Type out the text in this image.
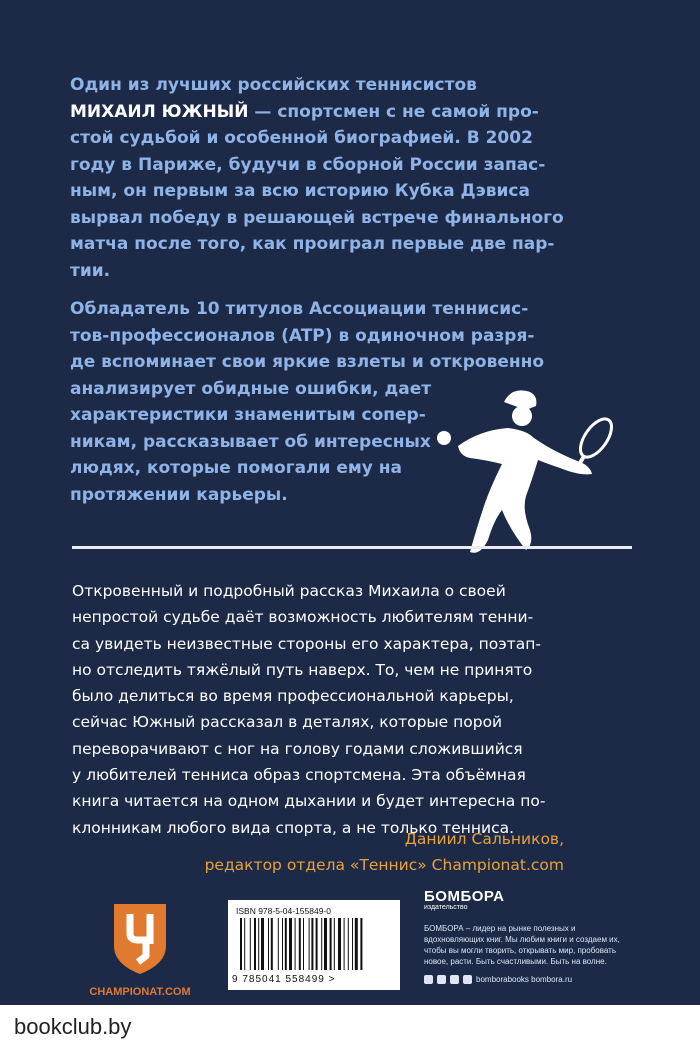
Один из лучших российских теннисистов
МИХАИЛ ЮЖНЫЙ — спортсмен с не самой про-
стой судьбой и особенной биографией. В 2002
году в Париже, будучи в сборной России запас-
ным, он первым за всю историю Кубка Дэвиса
вырвал победу в решающей встрече финального
матча после того, как проиграл первые две пар-
тии.
Обладатель 10 титулов Ассоциации теннисис-
тов-профессионалов (ATP) в одиночном разря-
де вспоминает свои яркие взлеты и откровенно
анализирует обидные ошибки, дает
характеристики знаменитым сопер-
никам, рассказывает об интересных
людях, которые помогали ему на
протяжении карьеры.
Откровенный и подробный рассказ Михаила о своей
непростой судьбе даёт возможность любителям тенни-
са увидеть неизвестные стороны его характера, поэтап-
но отследить тяжёлый путь наверх. То, чем не принято
было делиться во время профессиональной карьеры,
сейчас Южный рассказал в деталях, которые порой
переворачивают с ног на голову годами сложившийся
у любителей тенниса образ спортсмена. Эта объёмная
книга читается на одном дыхании и будет интересна по-
клонникам любого вида спорта, а не только тенниса.
Даниил Сальников,
редактор отдела «Теннис» Championat.com
CHAMPIONAT.COM
ISBN 978-5-04-155849-0
9 785041 558499 >
БОМБОРА
издательство
БОМБОРА – лидер на рынке полезных и вдохновляющих книг. Мы любим книги и создаем их, чтобы вы могли творить, открывать мир, пробовать новое, расти. Быть счастливыми. Быть на волне.
bomborabooks bombora.ru
bookclub.by
